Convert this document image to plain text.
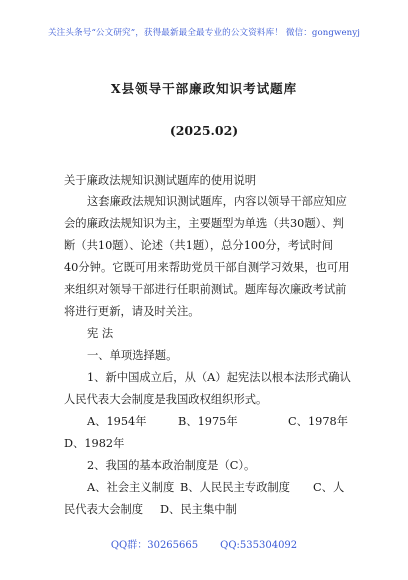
关注头条号“公文研究”，获得最新最全最专业的公文资料库！ 微信：gongwenyj
X县领导干部廉政知识考试题库
(2025.02)
关于廉政法规知识测试题库的使用说明
这套廉政法规知识测试题库，内容以领导干部应知应
会的廉政法规知识为主，主要题型为单选（共30题）、判
断（共10题）、论述（共1题），总分100分，考试时间
40分钟。它既可用来帮助党员干部自测学习效果，也可用
来组织对领导干部进行任职前测试。题库每次廉政考试前
将进行更新，请及时关注。
宪 法
一、单项选择题。
1、新中国成立后，从（A）起宪法以根本法形式确认
人民代表大会制度是我国政权组织形式。
A、1954年	B、1975年	C、1978年
D、1982年
2、我国的基本政治制度是（C）。
A、社会主义制度 B、人民民主专政制度 C、人
民代表大会制度 D、民主集中制
QQ群：30265665 QQ:535304092
